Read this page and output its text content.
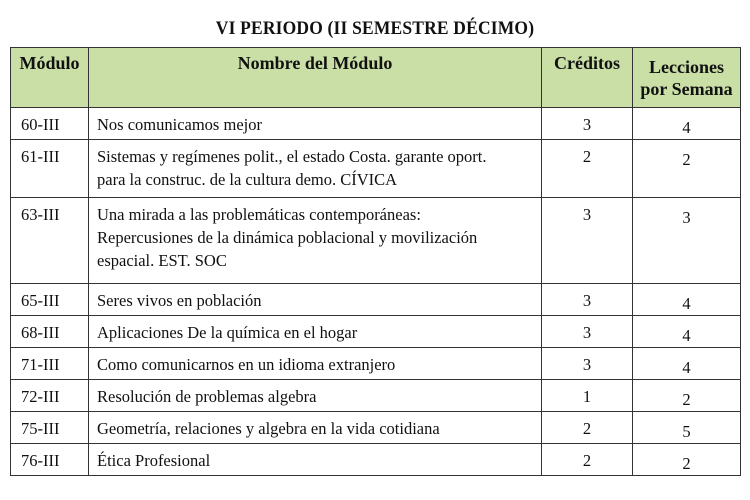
VI PERIODO (II SEMESTRE DÉCIMO)
Módulo	Nombre del Módulo	Créditos	Lecciones
por Semana

60-III	Nos comunicamos mejor	3	4
61-III	Sistemas y regímenes polit., el estado Costa. garante oport.
para la construc. de la cultura demo. CÍVICA	2	2
63-III	Una mirada a las problemáticas contemporáneas:
Repercusiones de la dinámica poblacional y movilización
espacial. EST. SOC	3	3
65-III	Seres vivos en población	3	4
68-III	Aplicaciones De la química en el hogar	3	4
71-III	Como comunicarnos en un idioma extranjero	3	4
72-III	Resolución de problemas algebra	1	2
75-III	Geometría, relaciones y algebra en la vida cotidiana	2	5
76-III	Ética Profesional	2	2
